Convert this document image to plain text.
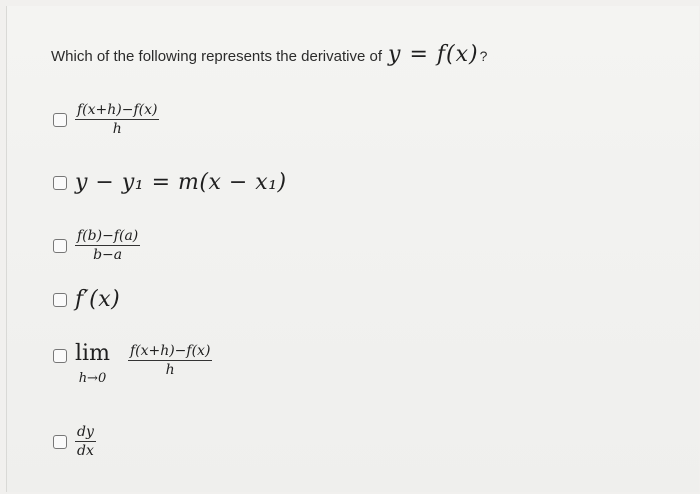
Which of the following represents the derivative of y = f(x) ?
$\frac{f(x+h)-f(x)}{h}$
y − y₁ = m(x − x₁)
$\frac{f(b)-f(a)}{b-a}$
f′(x)
lim
h→0
$\frac{f(x+h)-f(x)}{h}$
$\frac{dy}{dx}$
